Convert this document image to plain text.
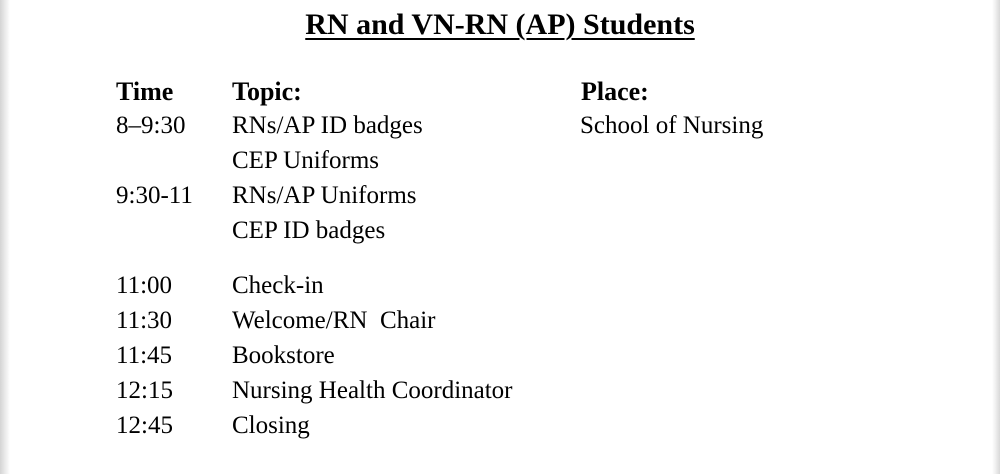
RN and VN-RN (AP) Students
Time Topic:	Place:
8–9:30 RNs/AP ID badges	School of Nursing
CEP Uniforms
9:30-11 RNs/AP Uniforms
CEP ID badges
11:00 Check-in
11:30 Welcome/RN  Chair
11:45 Bookstore
12:15 Nursing Health Coordinator
12:45 Closing
